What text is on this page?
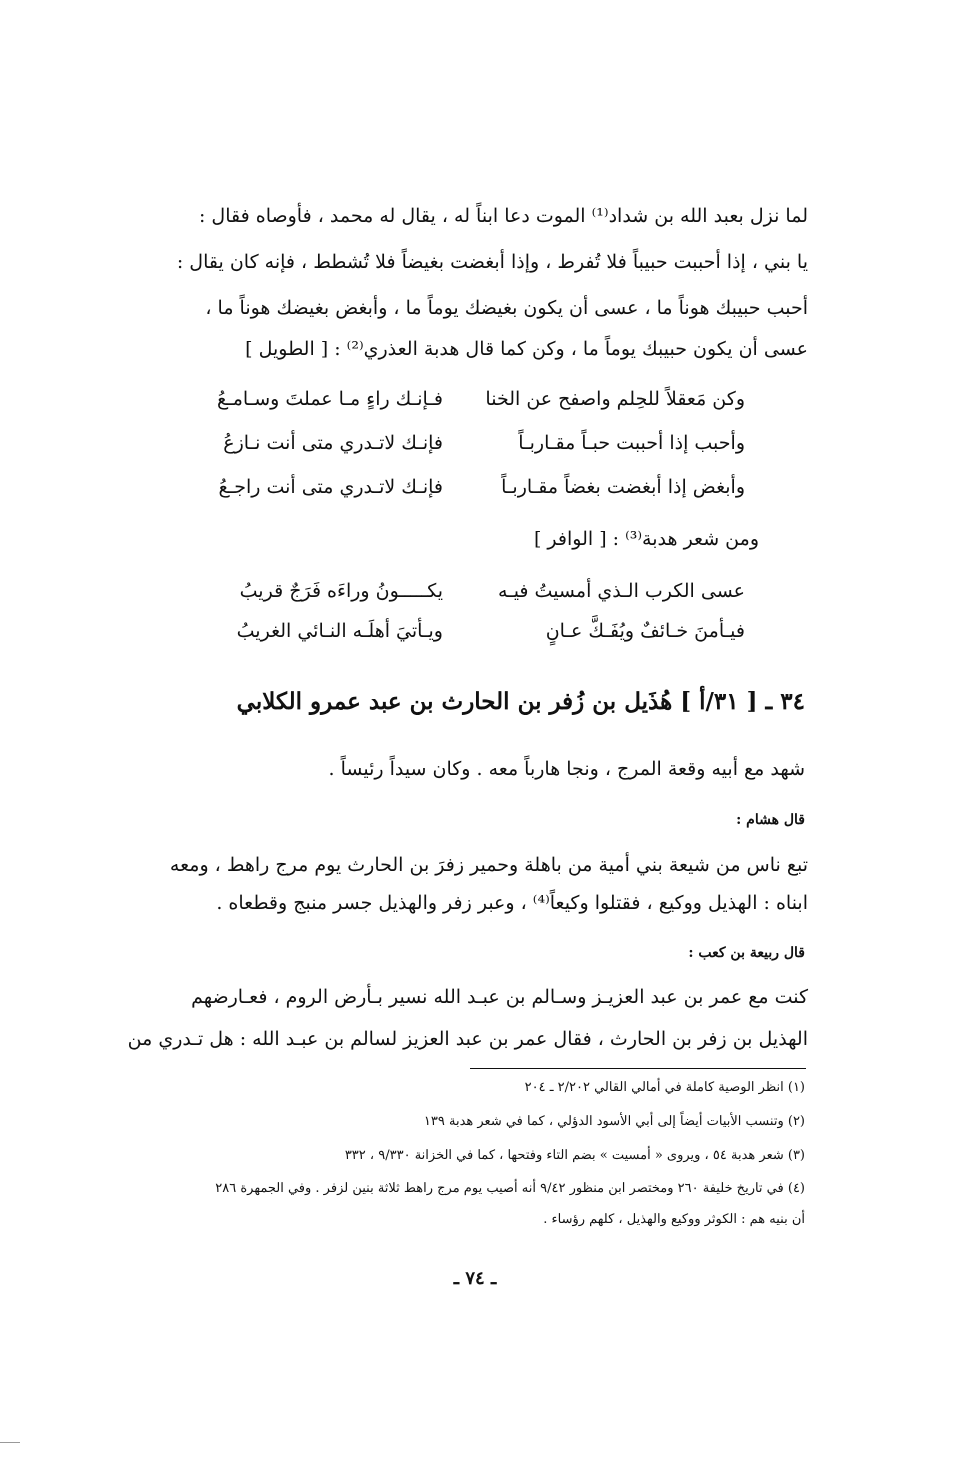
لما نزل بعبد الله بن شداد⁽¹⁾ الموت دعا ابناً له ، يقال له محمد ، فأوصاه فقال :
يا بني ، إذا أحببت حبيباً فلا تُفرط ، وإذا أبغضت بغيضاً فلا تُشطط ، فإنه كان يقال :
أحبب حبيبك هوناً ما ، عسى أن يكون بغيضك يوماً ما ، وأبغض بغيضك هوناً ما ،
عسى أن يكون حبيبك يوماً ما ، وكن كما قال هدبة العذري⁽²⁾ : [ الطويل ]
وكن مَعقلاً للحِلم واصفح عن الخنا
فـإنـك راءٍ مـا عملتَ وسـامـعُ
وأحبب إذا أحببت حبـاً مقـاربـاً
فإنـك لاتـدري متى أنت نـازعُ
وأبغض إذا أبغضت بغضاً مقـاربـاً
فإنـك لاتـدري متى أنت راجـعُ
ومن شعر هدبة⁽³⁾ : [ الوافر ]
عسى الكرب الـذي أمسيتُ فيـه
يكـــــونُ وراءَه فَرَجٌ قريبُ
فيـأمنَ خـائفٌ ويُفَـكَّ عـانٍ
ويـأتيَ أهلَـه النـائي الغريبُ
٣٤ ـ [ ٣١/أ ] هُذَيل بن زُفر بن الحارث بن عبد عمرو الكلابي
شهد مع أبيه وقعة المرج ، ونجا هارباً معه . وكان سيداً رئيساً .
قال هشام :
تبع ناس من شيعة بني أمية من باهلة وحمير زفرَ بن الحارث يوم مرج راهط ، ومعه
ابناه : الهذيل ووكيع ، فقتلوا وكيعاً⁽⁴⁾ ، وعبر زفر والهذيل جسر منبج وقطعاه .
قال ربيعة بن كعب :
كنت مع عمر بن عبد العزيـز وسـالم بن عبـد الله نسير بـأرض الروم ، فعـارضهم
الهذيل بن زفر بن الحارث ، فقال عمر بن عبد العزيز لسالم بن عبـد الله : هل تـدري من
(١) انظر الوصية كاملة في أمالي القالي ٢/٢٠٢ ـ ٢٠٤
(٢) وتنسب الأبيات أيضاً إلى أبي الأسود الدؤلي ، كما في شعر هدبة ١٣٩
(٣) شعر هدبة ٥٤ ، ويروى « أمسيت » بضم التاء وفتحها ، كما في الخزانة ٩/٣٣٠ ، ٣٣٢
(٤) في تاريخ خليفة ٢٦٠ ومختصر ابن منظور ٩/٤٢ أنه أصيب يوم مرج راهط ثلاثة بنين لزفر . وفي الجمهرة ٢٨٦
أن بنيه هم : الكوثر ووكيع والهذيل ، كلهم رؤساء .
ـ ٧٤ ـ
